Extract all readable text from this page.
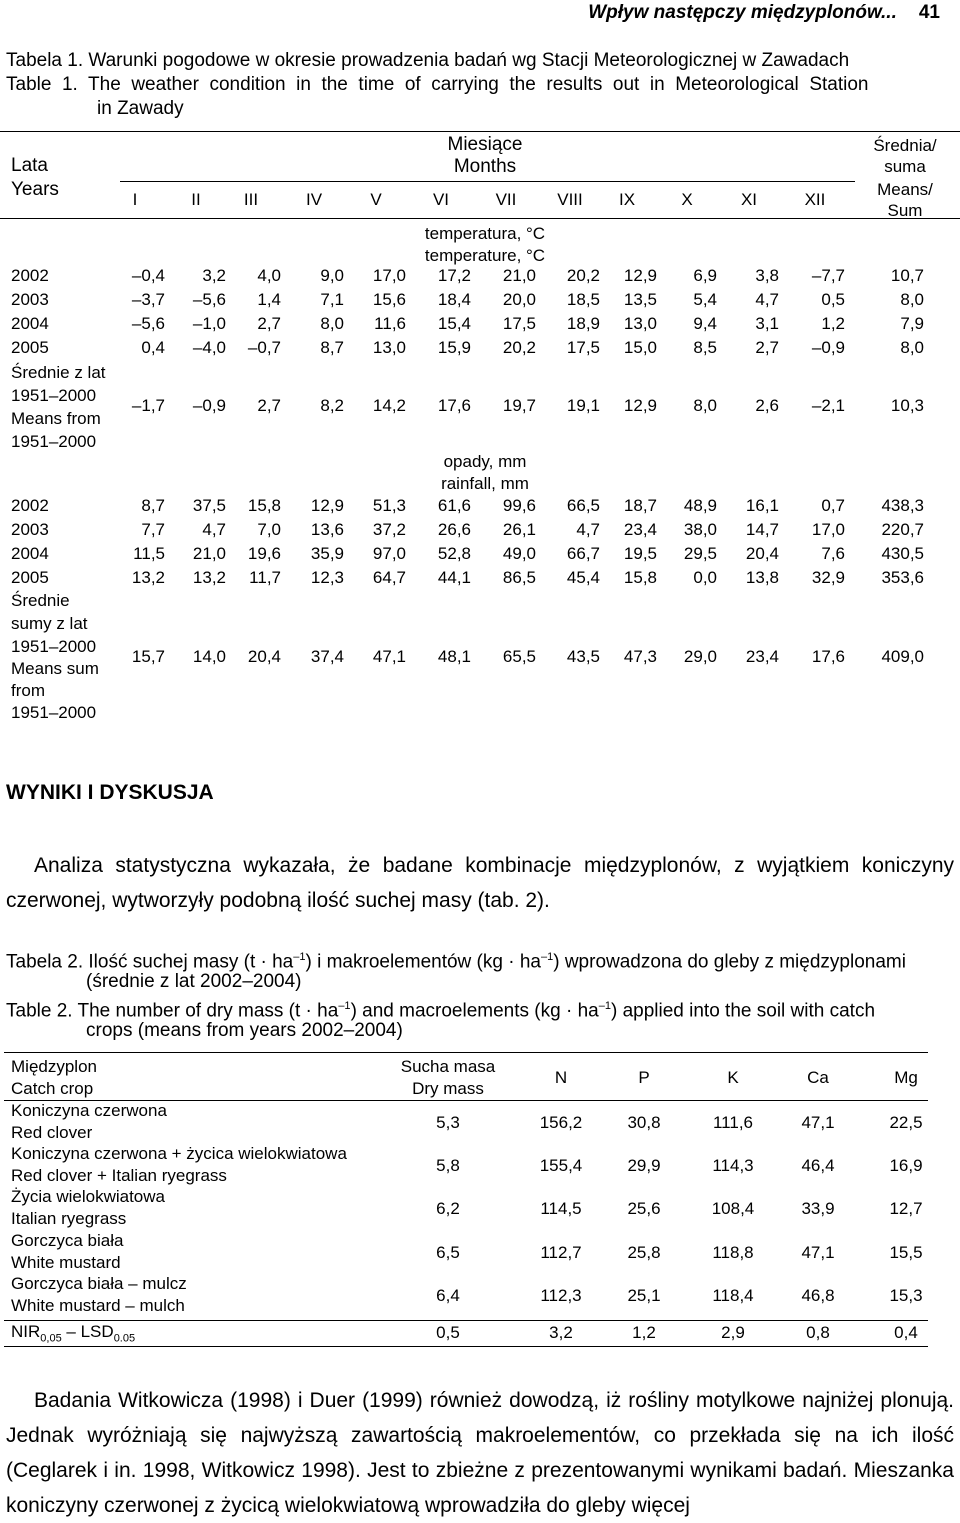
Wpływ następczy międzyplonów... 41
Tabela 1. Warunki pogodowe w okresie prowadzenia badań wg Stacji Meteorologicznej w Zawadach
Table  1.  The  weather  condition  in  the  time  of  carrying  the  results  out  in  Meteorological  Station
in Zawady
Lata
Years
Miesiące
Months
Średnia/
suma
Means/
Sum
I	II	III	IV	V	VI	VII	VIII	IX	X	XI	XII
temperatura, °C
temperature, °C
2002	–0,4	3,2	4,0	9,0	17,0	17,2	21,0	20,2	12,9	6,9	3,8	–7,7	10,7
2003	–3,7	–5,6	1,4	7,1	15,6	18,4	20,0	18,5	13,5	5,4	4,7	0,5	8,0
2004	–5,6	–1,0	2,7	8,0	11,6	15,4	17,5	18,9	13,0	9,4	3,1	1,2	7,9
2005	0,4	–4,0	–0,7	8,7	13,0	15,9	20,2	17,5	15,0	8,5	2,7	–0,9	8,0
Średnie z lat
1951–2000
Means from
1951–2000
–1,7	–0,9	2,7	8,2	14,2	17,6	19,7	19,1	12,9	8,0	2,6	–2,1	10,3
opady, mm
rainfall, mm
2002	8,7	37,5	15,8	12,9	51,3	61,6	99,6	66,5	18,7	48,9	16,1	0,7	438,3
2003	7,7	4,7	7,0	13,6	37,2	26,6	26,1	4,7	23,4	38,0	14,7	17,0	220,7
2004	11,5	21,0	19,6	35,9	97,0	52,8	49,0	66,7	19,5	29,5	20,4	7,6	430,5
2005	13,2	13,2	11,7	12,3	64,7	44,1	86,5	45,4	15,8	0,0	13,8	32,9	353,6
Średnie
sumy z lat
1951–2000
Means sum
from
1951–2000
15,7	14,0	20,4	37,4	47,1	48,1	65,5	43,5	47,3	29,0	23,4	17,6	409,0
WYNIKI I DYSKUSJA
Analiza statystyczna wykazała, że badane kombinacje międzyplonów, z wyjątkiem koniczyny czerwonej, wytworzyły podobną ilość suchej masy (tab. 2).
Tabela 2. Ilość suchej masy $(t \cdot ha^{-1})$ i makroelementów $(kg \cdot ha^{-1})$ wprowadzona do gleby z międzyplonami
(średnie z lat 2002–2004)
Table 2. The number of dry mass $(t \cdot ha^{-1})$ and macroelements $(kg \cdot ha^{-1})$ applied into the soil with catch
crops (means from years 2002–2004)
Międzyplon
Catch crop
Sucha masa
Dry mass
N	P	K	Ca	Mg
Koniczyna czerwona
Red clover
5,3	156,2	30,8	111,6	47,1	22,5
Koniczyna czerwona + życica wielokwiatowa
Red clover + Italian ryegrass
5,8	155,4	29,9	114,3	46,4	16,9
Życia wielokwiatowa
Italian ryegrass
6,2	114,5	25,6	108,4	33,9	12,7
Gorczyca biała
White mustard
6,5	112,7	25,8	118,8	47,1	15,5
Gorczyca biała – mulcz
White mustard – mulch
6,4	112,3	25,1	118,4	46,8	15,3
$NIR_{0,05} - LSD_{0.05}$	0,5	3,2	1,2	2,9	0,8	0,4
Badania Witkowicza (1998) i Duer (1999) również dowodzą, iż rośliny motylkowe najniżej plonują. Jednak wyróżniają się najwyższą zawartością makroelementów, co przekłada się na ich ilość (Ceglarek i in. 1998, Witkowicz 1998). Jest to zbieżne z prezentowanymi wynikami badań. Mieszanka koniczyny czerwonej z życicą wielokwiatową wprowadziła do gleby więcej
